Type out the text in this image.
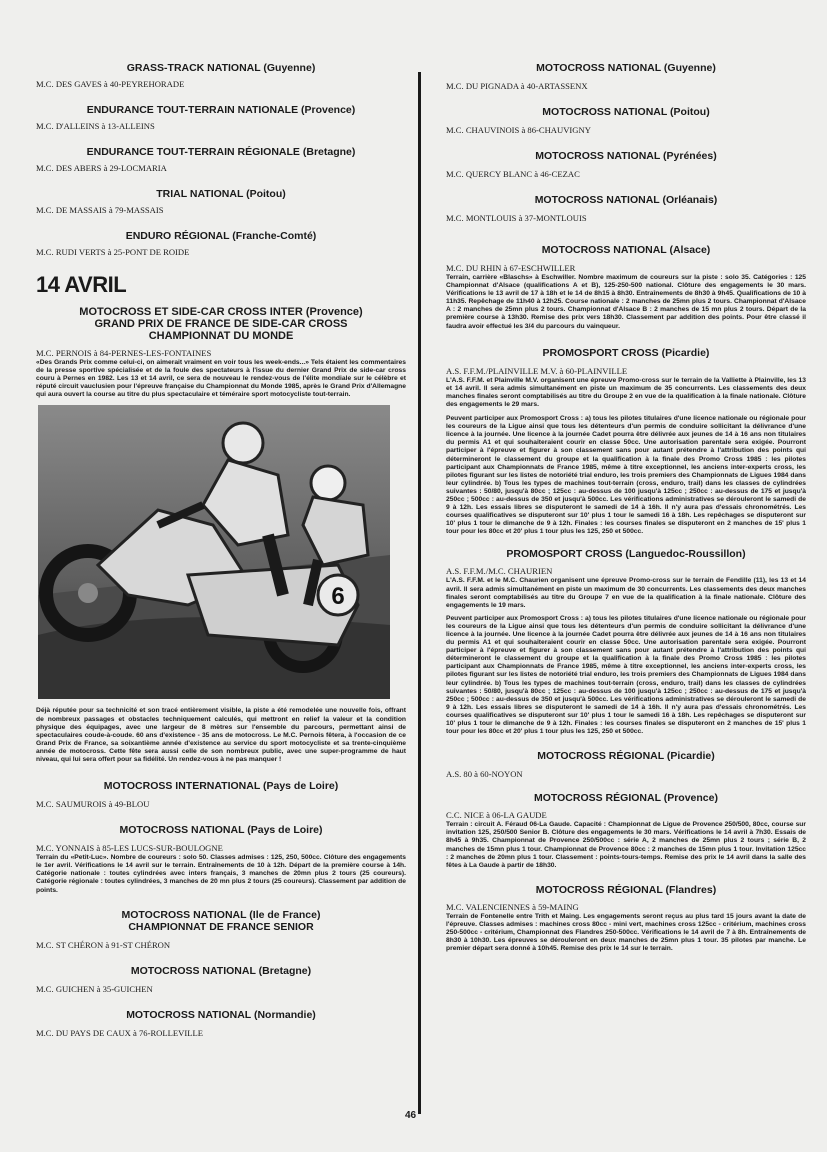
GRASS-TRACK NATIONAL (Guyenne)

M.C. DES GAVES à 40-PEYREHORADE

ENDURANCE TOUT-TERRAIN NATIONALE (Provence)

M.C. D'ALLEINS à 13-ALLEINS

ENDURANCE TOUT-TERRAIN RÉGIONALE (Bretagne)

M.C. DES ABERS à 29-LOCMARIA

TRIAL NATIONAL (Poitou)

M.C. DE MASSAIS à 79-MASSAIS

ENDURO RÉGIONAL (Franche-Comté)

M.C. RUDI VERTS à 25-PONT DE ROIDE

14 AVRIL

MOTOCROSS ET SIDE-CAR CROSS INTER (Provence)

GRAND PRIX DE FRANCE DE SIDE-CAR CROSS

CHAMPIONNAT DU MONDE

M.C. PERNOIS à 84-PERNES-LES-FONTAINES

«Des Grands Prix comme celui-ci, on aimerait vraiment en voir tous les week-ends...» Tels étaient les commentaires de la presse sportive spécialisée et de la foule des spectateurs à l'issue du dernier Grand Prix de side-car cross couru à Pernes en 1982. Les 13 et 14 avril, ce sera de nouveau le rendez-vous de l'élite mondiale sur le célèbre et réputé circuit vauclusien pour l'épreuve française du Championnat du Monde 1985, après le Grand Prix d'Allemagne qui aura ouvert la course au titre du plus spectaculaire et téméraire sport motocycliste tout-terrain.

6

Déjà réputée pour sa technicité et son tracé entièrement visible, la piste a été remodelée une nouvelle fois, offrant de nombreux passages et obstacles techniquement calculés, qui mettront en relief la valeur et la condition physique des équipages, avec une largeur de 8 mètres sur l'ensemble du parcours, permettant ainsi de spectaculaires coude-à-coude. 60 ans d'existence - 35 ans de motocross. Le M.C. Pernois fêtera, à l'occasion de ce Grand Prix de France, sa soixantième année d'existence au service du sport motocycliste et sa trente-cinquième année de motocross. Cette fête sera aussi celle de son nombreux public, avec une super-programme de haut niveau, qui lui sera offert pour sa fidélité. Un rendez-vous à ne pas manquer !

MOTOCROSS INTERNATIONAL (Pays de Loire)

M.C. SAUMUROIS à 49-BLOU

MOTOCROSS NATIONAL (Pays de Loire)

M.C. YONNAIS à 85-LES LUCS-SUR-BOULOGNE

Terrain du «Petit-Luc». Nombre de coureurs : solo 50. Classes admises : 125, 250, 500cc. Clôture des engagements le 1er avril. Vérifications le 14 avril sur le terrain. Entraînements de 10 à 12h. Départ de la première course à 14h. Catégorie nationale : toutes cylindrées avec inters français, 3 manches de 20mn plus 2 tours (25 coureurs). Catégorie régionale : toutes cylindrées, 3 manches de 20 mn plus 2 tours (25 coureurs). Classement par addition de points.

MOTOCROSS NATIONAL (Ile de France)

CHAMPIONNAT DE FRANCE SENIOR

M.C. ST CHÉRON à 91-ST CHÉRON

MOTOCROSS NATIONAL (Bretagne)

M.C. GUICHEN à 35-GUICHEN

MOTOCROSS NATIONAL (Normandie)

M.C. DU PAYS DE CAUX à 76-ROLLEVILLE

MOTOCROSS NATIONAL (Guyenne)

M.C. DU PIGNADA à 40-ARTASSENX

MOTOCROSS NATIONAL (Poitou)

M.C. CHAUVINOIS à 86-CHAUVIGNY

MOTOCROSS NATIONAL (Pyrénées)

M.C. QUERCY BLANC à 46-CEZAC

MOTOCROSS NATIONAL (Orléanais)

M.C. MONTLOUIS à 37-MONTLOUIS

MOTOCROSS NATIONAL (Alsace)

M.C. DU RHIN à 67-ESCHWILLER

Terrain, carrière «Blaschs» à Eschwiller. Nombre maximum de coureurs sur la piste : solo 35. Catégories : 125 Championnat d'Alsace (qualifications A et B), 125-250-500 national. Clôture des engagements le 30 mars. Vérifications le 13 avril de 17 à 18h et le 14 de 8h15 à 8h30. Entraînements de 8h30 à 9h45. Qualifications de 10 à 11h35. Repêchage de 11h40 à 12h25. Course nationale : 2 manches de 25mn plus 2 tours. Championnat d'Alsace A : 2 manches de 25mn plus 2 tours. Championnat d'Alsace B : 2 manches de 15 mn plus 2 tours. Départ de la première course à 13h30. Remise des prix vers 18h30. Classement par addition des points. Pour être classé il faudra avoir effectué les 3/4 du parcours du vainqueur.

PROMOSPORT CROSS (Picardie)

A.S. F.F.M./PLAINVILLE M.V. à 60-PLAINVILLE

L'A.S. F.F.M. et Plainville M.V. organisent une épreuve Promo-cross sur le terrain de la Valliette à Plainville, les 13 et 14 avril. Il sera admis simultanément en piste un maximum de 35 concurrents. Les classements des deux manches finales seront comptabilisés au titre du Groupe 2 en vue de la qualification à la finale nationale. Clôture des engagements le 29 mars.

Peuvent participer aux Promosport Cross : a) tous les pilotes titulaires d'une licence nationale ou régionale pour les coureurs de la Ligue ainsi que tous les détenteurs d'un permis de conduire sollicitant la délivrance d'une licence à la journée. Une licence à la journée Cadet pourra être délivrée aux jeunes de 14 à 16 ans non titulaires du permis A1 et qui souhaiteraient courir en classe 50cc. Une autorisation parentale sera exigée. Pourront participer à l'épreuve et figurer à son classement sans pour autant prétendre à l'attribution des points qui détermineront le classement du groupe et la qualification à la finale des Promo Cross 1985 : les pilotes participant aux Championnats de France 1985, même à titre exceptionnel, les anciens inter-experts cross, les pilotes figurant sur les listes de notoriété trial enduro, les trois premiers des Championnats de Ligues 1984 dans leur cylindrée. b) Tous les types de machines tout-terrain (cross, enduro, trail) dans les classes de cylindrées suivantes : 50/80, jusqu'à 80cc ; 125cc : au-dessus de 100 jusqu'à 125cc ; 250cc : au-dessus de 175 et jusqu'à 250cc ; 500cc : au-dessus de 350 et jusqu'à 500cc. Les vérifications administratives se dérouleront le samedi de 9 à 12h. Les essais libres se disputeront le samedi de 14 à 16h. Il n'y aura pas d'essais chronométrés. Les courses qualificatives se disputeront sur 10' plus 1 tour le samedi 16 à 18h. Les repêchages se disputeront sur 10' plus 1 tour le dimanche de 9 à 12h. Finales : les courses finales se disputeront en 2 manches de 15' plus 1 tour pour les 80cc et 20' plus 1 tour plus les 125, 250 et 500cc.

PROMOSPORT CROSS (Languedoc-Roussillon)

A.S. F.F.M./M.C. CHAURIEN

L'A.S. F.F.M. et le M.C. Chaurien organisent une épreuve Promo-cross sur le terrain de Fendille (11), les 13 et 14 avril. Il sera admis simultanément en piste un maximum de 30 concurrents. Les classements des deux manches finales seront comptabilisés au titre du Groupe 7 en vue de la qualification à la finale nationale. Clôture des engagements le 19 mars.

Peuvent participer aux Promosport Cross : a) tous les pilotes titulaires d'une licence nationale ou régionale pour les coureurs de la Ligue ainsi que tous les détenteurs d'un permis de conduire sollicitant la délivrance d'une licence à la journée. Une licence à la journée Cadet pourra être délivrée aux jeunes de 14 à 16 ans non titulaires du permis A1 et qui souhaiteraient courir en classe 50cc. Une autorisation parentale sera exigée. Pourront participer à l'épreuve et figurer à son classement sans pour autant prétendre à l'attribution des points qui détermineront le classement du groupe et la qualification à la finale des Promo Cross 1985 : les pilotes participant aux Championnats de France 1985, même à titre exceptionnel, les anciens inter-experts cross, les pilotes figurant sur les listes de notoriété trial enduro, les trois premiers des Championnats de Ligues 1984 dans leur cylindrée. b) Tous les types de machines tout-terrain (cross, enduro, trail) dans les classes de cylindrées suivantes : 50/80, jusqu'à 80cc ; 125cc : au-dessus de 100 jusqu'à 125cc ; 250cc : au-dessus de 175 et jusqu'à 250cc ; 500cc : au-dessus de 350 et jusqu'à 500cc. Les vérifications administratives se dérouleront le samedi de 9 à 12h. Les essais libres se disputeront le samedi de 14 à 16h. Il n'y aura pas d'essais chronométrés. Les courses qualificatives se disputeront sur 10' plus 1 tour le samedi 16 à 18h. Les repêchages se disputeront sur 10' plus 1 tour le dimanche de 9 à 12h. Finales : les courses finales se disputeront en 2 manches de 15' plus 1 tour pour les 80cc et 20' plus 1 tour plus les 125, 250 et 500cc.

MOTOCROSS RÉGIONAL (Picardie)

A.S. 80 à 60-NOYON

MOTOCROSS RÉGIONAL (Provence)

C.C. NICE à 06-LA GAUDE

Terrain : circuit A. Féraud 06-La Gaude. Capacité : Championnat de Ligue de Provence 250/500, 80cc, course sur invitation 125, 250/500 Senior B. Clôture des engagements le 30 mars. Vérifications le 14 avril à 7h30. Essais de 8h45 à 9h35. Championnat de Provence 250/500cc : série A, 2 manches de 25mn plus 2 tours ; série B, 2 manches de 15mn plus 1 tour. Championnat de Provence 80cc : 2 manches de 15mn plus 1 tour. Invitation 125cc : 2 manches de 20mn plus 1 tour. Classement : points-tours-temps. Remise des prix le 14 avril dans la salle des fêtes à La Gaude à partir de 18h30.

MOTOCROSS RÉGIONAL (Flandres)

M.C. VALENCIENNES à 59-MAING

Terrain de Fontenelle entre Trith et Maing. Les engagements seront reçus au plus tard 15 jours avant la date de l'épreuve. Classes admises : machines cross 80cc - mini vert, machines cross 125cc - critérium, machines cross 250-500cc - critérium, Championnat des Flandres 250-500cc. Vérifications le 14 avril de 7 à 8h. Entraînements de 8h30 à 10h30. Les épreuves se dérouleront en deux manches de 25mn plus 1 tour. 35 pilotes par manche. Le premier départ sera donné à 10h45. Remise des prix le 14 sur le terrain.

46
